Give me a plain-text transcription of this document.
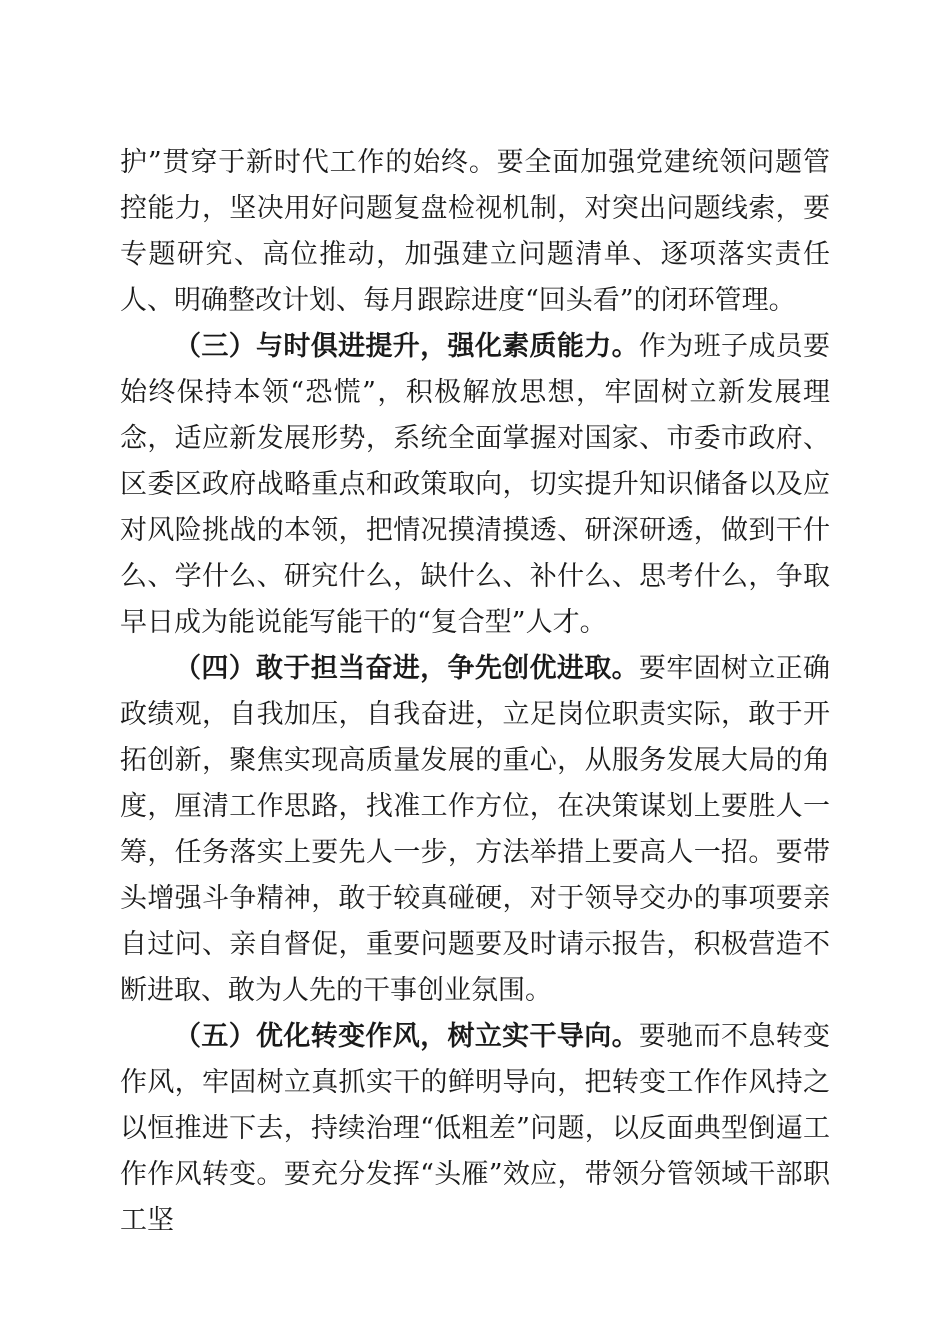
护”贯穿于新时代工作的始终。要全面加强党建统领问题管控能力，坚决用好问题复盘检视机制，对突出问题线索，要专题研究、高位推动，加强建立问题清单、逐项落实责任人、明确整改计划、每月跟踪进度“回头看”的闭环管理。

（三）与时俱进提升，强化素质能力。作为班子成员要始终保持本领“恐慌”，积极解放思想，牢固树立新发展理念，适应新发展形势，系统全面掌握对国家、市委市政府、区委区政府战略重点和政策取向，切实提升知识储备以及应对风险挑战的本领，把情况摸清摸透、研深研透，做到干什么、学什么、研究什么，缺什么、补什么、思考什么，争取早日成为能说能写能干的“复合型”人才。

（四）敢于担当奋进，争先创优进取。要牢固树立正确政绩观，自我加压，自我奋进，立足岗位职责实际，敢于开拓创新，聚焦实现高质量发展的重心，从服务发展大局的角度，厘清工作思路，找准工作方位，在决策谋划上要胜人一筹，任务落实上要先人一步，方法举措上要高人一招。要带头增强斗争精神，敢于较真碰硬，对于领导交办的事项要亲自过问、亲自督促，重要问题要及时请示报告，积极营造不断进取、敢为人先的干事创业氛围。

（五）优化转变作风，树立实干导向。要驰而不息转变作风，牢固树立真抓实干的鲜明导向，把转变工作作风持之以恒推进下去，持续治理“低粗差”问题，以反面典型倒逼工作作风转变。要充分发挥“头雁”效应，带领分管领域干部职工坚
